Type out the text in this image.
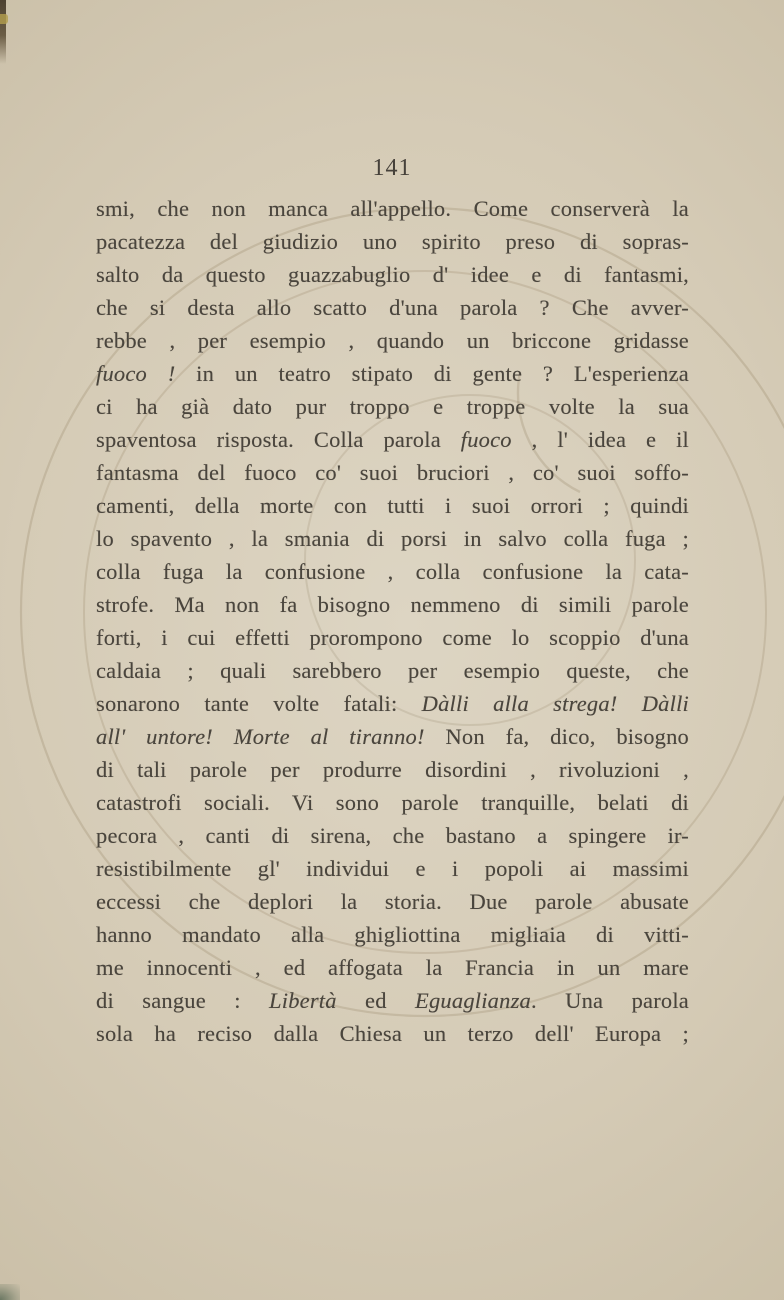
141
smi, che non manca all'appello. Come conserverà la
pacatezza del giudizio uno spirito preso di sopras-
salto da questo guazzabuglio d' idee e di fantasmi,
che si desta allo scatto d'una parola ? Che avver-
rebbe , per esempio , quando un briccone gridasse
fuoco ! in un teatro stipato di gente ? L'esperienza
ci ha già dato pur troppo e troppe volte la sua
spaventosa risposta. Colla parola fuoco , l' idea e il
fantasma del fuoco co' suoi bruciori , co' suoi soffo-
camenti, della morte con tutti i suoi orrori ; quindi
lo spavento , la smania di porsi in salvo colla fuga ;
colla fuga la confusione , colla confusione la cata-
strofe. Ma non fa bisogno nemmeno di simili parole
forti, i cui effetti prorompono come lo scoppio d'una
caldaia ; quali sarebbero per esempio queste, che
sonarono tante volte fatali: Dàlli alla strega! Dàlli
all' untore! Morte al tiranno! Non fa, dico, bisogno
di tali parole per produrre disordini , rivoluzioni ,
catastrofi sociali. Vi sono parole tranquille, belati di
pecora , canti di sirena, che bastano a spingere ir-
resistibilmente gl' individui e i popoli ai massimi
eccessi che deplori la storia. Due parole abusate
hanno mandato alla ghigliottina migliaia di vitti-
me innocenti , ed affogata la Francia in un mare
di sangue : Libertà ed Eguaglianza. Una parola
sola ha reciso dalla Chiesa un terzo dell' Europa ;
